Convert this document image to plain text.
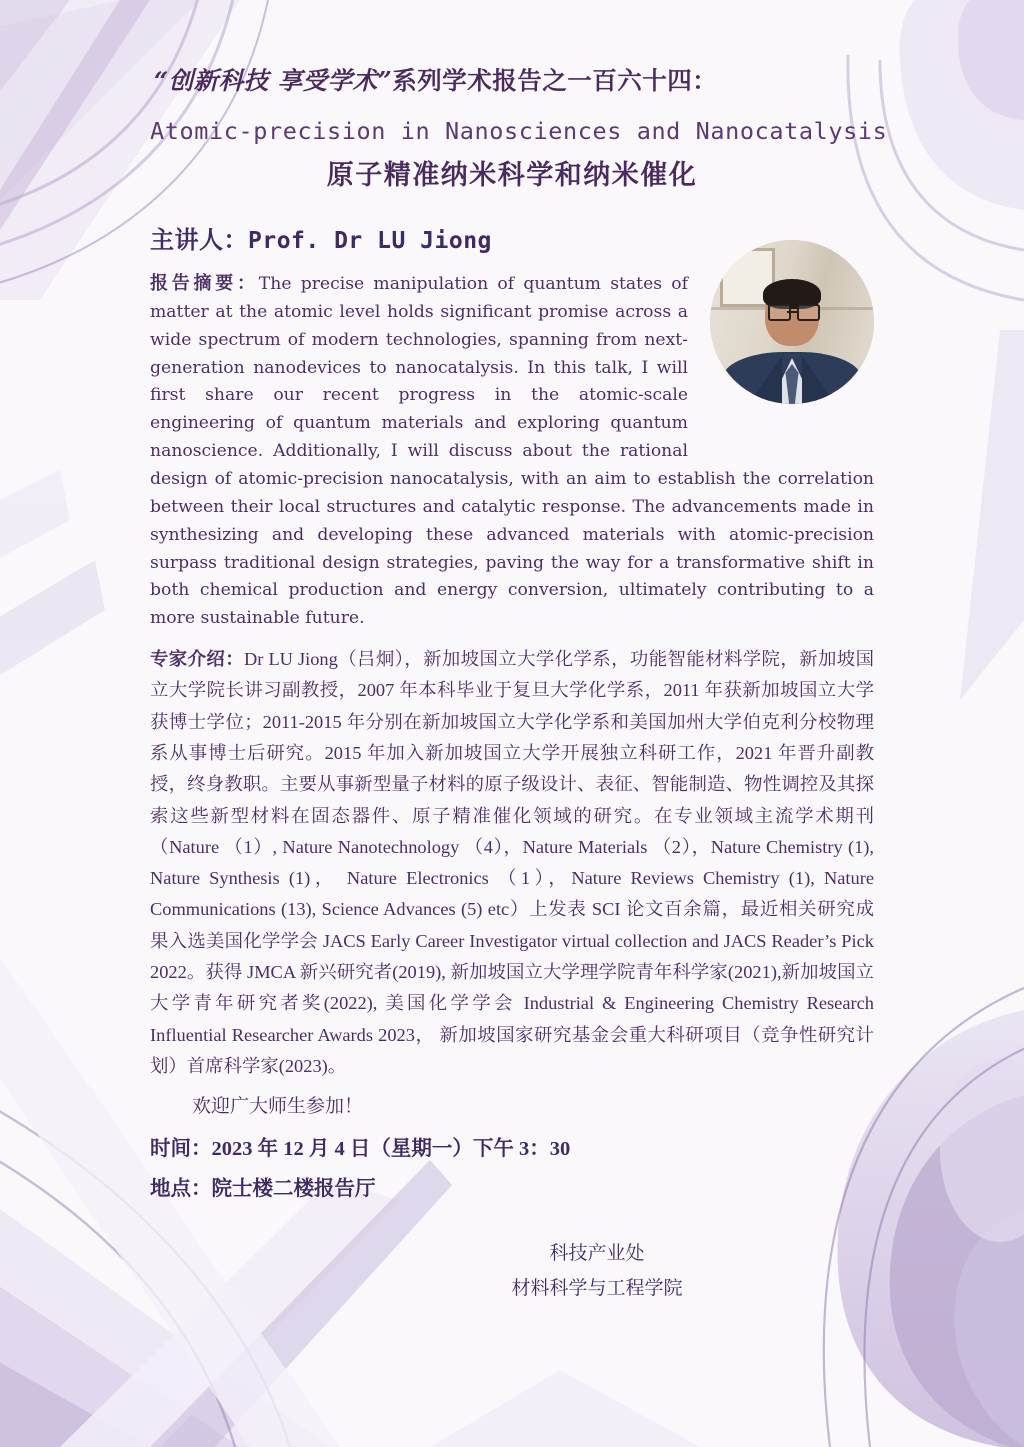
“创新科技 享受学术”系列学术报告之一百六十四：
Atomic-precision in Nanosciences and Nanocatalysis
原子精准纳米科学和纳米催化
主讲人：Prof. Dr LU Jiong
报告摘要：The precise manipulation of quantum states of matter at the atomic level holds significant promise across a wide spectrum of modern technologies, spanning from next-generation nanodevices to nanocatalysis. In this talk, I will first share our recent progress in the atomic-scale engineering of quantum materials and exploring quantum nanoscience. Additionally, I will discuss about the rational design of atomic-precision nanocatalysis, with an aim to establish the correlation between their local structures and catalytic response. The advancements made in synthesizing and developing these advanced materials with atomic-precision surpass traditional design strategies, paving the way for a transformative shift in both chemical production and energy conversion, ultimately contributing to a more sustainable future.
专家介绍：Dr LU Jiong（吕炯），新加坡国立大学化学系，功能智能材料学院，新加坡国立大学院长讲习副教授，2007 年本科毕业于复旦大学化学系，2011 年获新加坡国立大学获博士学位；2011-2015 年分别在新加坡国立大学化学系和美国加州大学伯克利分校物理系从事博士后研究。2015 年加入新加坡国立大学开展独立科研工作，2021 年晋升副教授，终身教职。主要从事新型量子材料的原子级设计、表征、智能制造、物性调控及其探索这些新型材料在固态器件、原子精准催化领域的研究。在专业领域主流学术期刊（Nature （1）, Nature Nanotechnology （4），Nature Materials （2），Nature Chemistry (1), Nature Synthesis (1)， Nature Electronics （1），Nature Reviews Chemistry (1), Nature Communications (13), Science Advances (5) etc）上发表 SCI 论文百余篇，最近相关研究成果入选美国化学学会 JACS Early Career Investigator virtual collection and JACS Reader’s Pick 2022。获得 JMCA 新兴研究者(2019), 新加坡国立大学理学院青年科学家(2021),新加坡国立大学青年研究者奖(2022), 美国化学学会 Industrial & Engineering Chemistry Research Influential Researcher Awards 2023， 新加坡国家研究基金会重大科研项目（竞争性研究计划）首席科学家(2023)。
欢迎广大师生参加！
时间：2023 年 12 月 4 日（星期一）下午 3：30
地点：院士楼二楼报告厅
科技产业处
材料科学与工程学院
